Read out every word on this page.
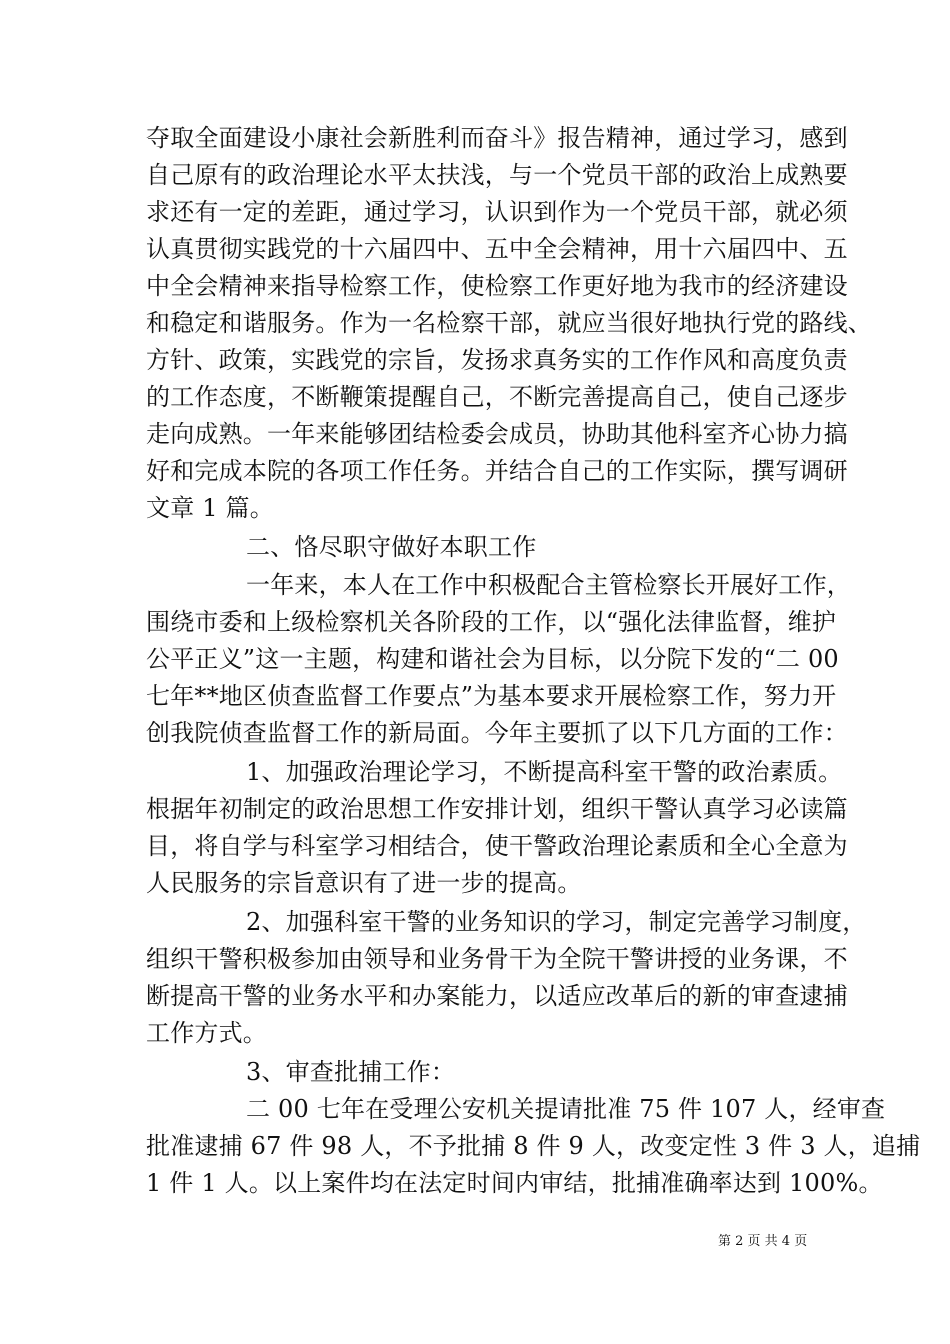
夺取全面建设小康社会新胜利而奋斗》报告精神，通过学习，感到
自己原有的政治理论水平太扶浅，与一个党员干部的政治上成熟要
求还有一定的差距，通过学习，认识到作为一个党员干部，就必须
认真贯彻实践党的十六届四中、五中全会精神，用十六届四中、五
中全会精神来指导检察工作，使检察工作更好地为我市的经济建设
和稳定和谐服务。作为一名检察干部，就应当很好地执行党的路线、
方针、政策，实践党的宗旨，发扬求真务实的工作作风和高度负责
的工作态度，不断鞭策提醒自己，不断完善提高自己，使自己逐步
走向成熟。一年来能够团结检委会成员，协助其他科室齐心协力搞
好和完成本院的各项工作任务。并结合自己的工作实际，撰写调研
文章 1 篇。
二、恪尽职守做好本职工作
一年来，本人在工作中积极配合主管检察长开展好工作，
围绕市委和上级检察机关各阶段的工作，以“强化法律监督，维护
公平正义”这一主题，构建和谐社会为目标，以分院下发的“二 00
七年**地区侦查监督工作要点”为基本要求开展检察工作，努力开
创我院侦查监督工作的新局面。今年主要抓了以下几方面的工作：
1、加强政治理论学习，不断提高科室干警的政治素质。
根据年初制定的政治思想工作安排计划，组织干警认真学习必读篇
目，将自学与科室学习相结合，使干警政治理论素质和全心全意为
人民服务的宗旨意识有了进一步的提高。
2、加强科室干警的业务知识的学习，制定完善学习制度，
组织干警积极参加由领导和业务骨干为全院干警讲授的业务课，不
断提高干警的业务水平和办案能力，以适应改革后的新的审查逮捕
工作方式。
3、审查批捕工作：
二 00 七年在受理公安机关提请批准 75 件 107 人，经审查
批准逮捕 67 件 98 人，不予批捕 8 件 9 人，改变定性 3 件 3 人，追捕
1 件 1 人。以上案件均在法定时间内审结，批捕准确率达到 100%。
第 2 页 共 4 页
